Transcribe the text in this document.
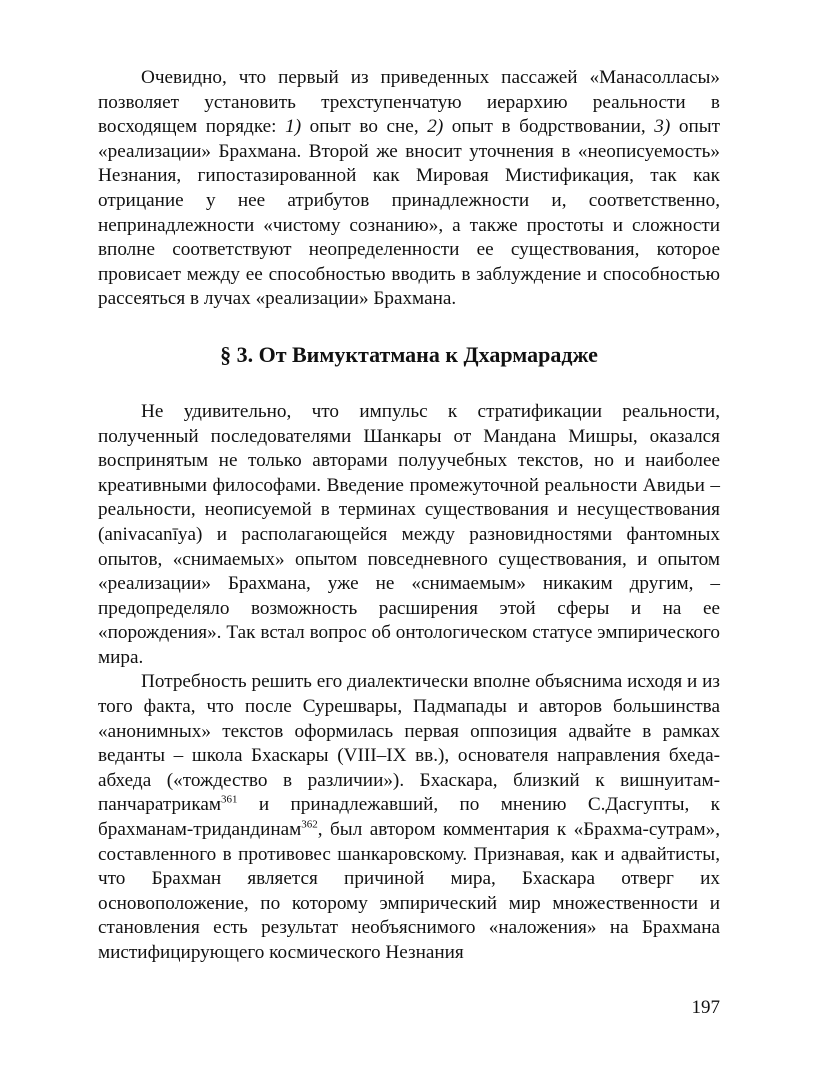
Очевидно, что первый из приведенных пассажей «Манасолласы» позволяет установить трехступенчатую иерархию реальности в восходящем порядке: 1) опыт во сне, 2) опыт в бодрствовании, 3) опыт «реализации» Брахмана. Второй же вносит уточнения в «неописуемость» Незнания, гипостазированной как Мировая Мистификация, так как отрицание у нее атрибутов принадлежности и, соответственно, непринадлежности «чистому сознанию», а также простоты и сложности вполне соответствуют неопределенности ее существования, которое провисает между ее способностью вводить в заблуждение и способностью рассеяться в лучах «реализации» Брахмана.

§ 3. От Вимуктатмана к Дхармарадже

Не удивительно, что импульс к стратификации реальности, полученный последователями Шанкары от Мандана Мишры, оказался воспринятым не только авторами полуучебных текстов, но и наиболее креативными философами. Введение промежуточной реальности Авидьи – реальности, неописуемой в терминах существования и несуществования (anivacanīya) и располагающейся между разновидностями фантомных опытов, «снимаемых» опытом повседневного существования, и опытом «реализации» Брахмана, уже не «снимаемым» никаким другим, – предопределяло возможность расширения этой сферы и на ее «порождения». Так встал вопрос об онтологическом статусе эмпирического мира.

Потребность решить его диалектически вполне объяснима исходя и из того факта, что после Сурешвары, Падмапады и авторов большинства «анонимных» текстов оформилась первая оппозиция адвайте в рамках веданты – школа Бхаскары (VIII–IX вв.), основателя направления бхеда-абхеда («тождество в различии»). Бхаскара, близкий к вишнуитам-панчаратрикам$^{361}$ и принадлежавший, по мнению С.Дасгупты, к брахманам-тридандинам$^{362}$, был автором комментария к «Брахма-сутрам», составленного в противовес шанкаровскому. Признавая, как и адвайтисты, что Брахман является причиной мира, Бхаскара отверг их основоположение, по которому эмпирический мир множественности и становления есть результат необъяснимого «наложения» на Брахмана мистифицирующего космического Незнания

197
